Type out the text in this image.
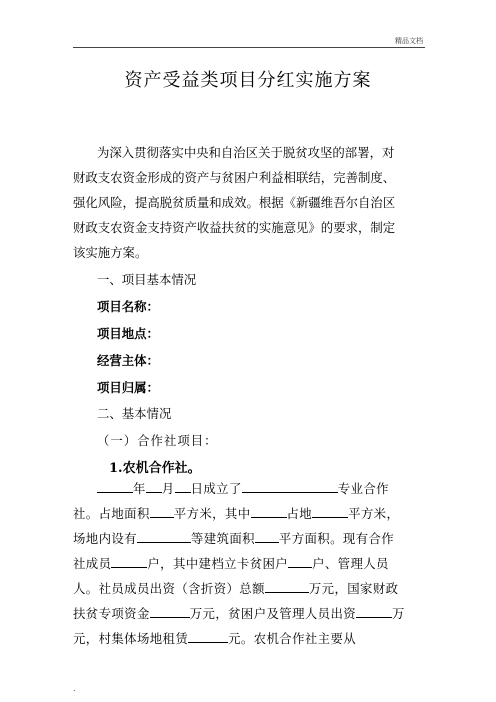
精品文档
资产受益类项目分红实施方案
为深入贯彻落实中央和自治区关于脱贫攻坚的部署，对
财政支农资金形成的资产与贫困户利益相联结，完善制度、
强化风险，提高脱贫质量和成效。根据《新疆维吾尔自治区
财政支农资金支持资产收益扶贫的实施意见》的要求，制定
该实施方案。
一、项目基本情况
项目名称：
项目地点：
经营主体：
项目归属：
二、基本情况
（一）合作社项目：
1.农机合作社。
年 月 日成立了	专业合作
社。占地面积 平方米，其中	占地	平方米，
场地内设有	等建筑面积 平方面积。现有合作
社成员	户，其中建档立卡贫困户 户、管理人员
人。社员成员出资（含折资）总额	万元，国家财政
扶贫专项资金	万元，贫困户及管理人员出资	万
元，村集体场地租赁	元。农机合作社主要从
.
